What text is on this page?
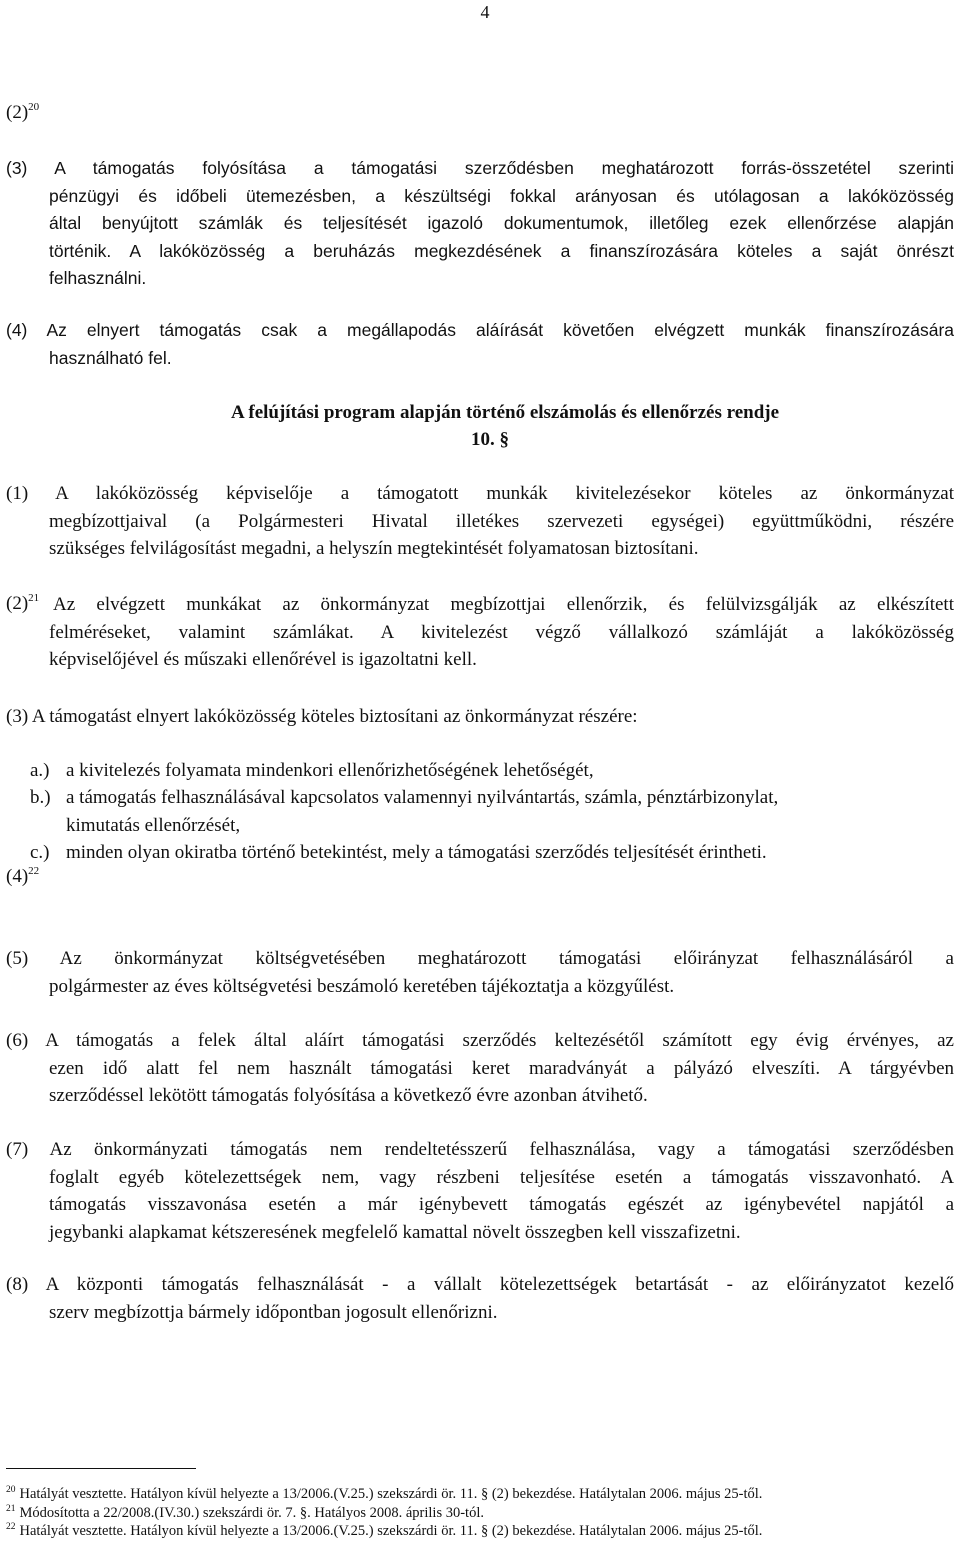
4
$(2)^{20}$
(3) A támogatás folyósítása a támogatási szerződésben meghatározott forrás-összetétel szerinti
pénzügyi és időbeli ütemezésben, a készültségi fokkal arányosan és utólagosan a lakóközösség
által benyújtott számlák és teljesítését igazoló dokumentumok, illetőleg ezek ellenőrzése alapján
történik. A lakóközösség a beruházás megkezdésének a finanszírozására köteles a saját önrészt
felhasználni.
(4) Az elnyert támogatás csak a megállapodás aláírását követően elvégzett munkák finanszírozására
használható fel.
A felújítási program alapján történő elszámolás és ellenőrzés rendje
10. §
(1) A lakóközösség képviselője a támogatott munkák kivitelezésekor köteles az önkormányzat
megbízottjaival (a Polgármesteri Hivatal illetékes szervezeti egységei) együttműködni, részére
szükséges felvilágosítást megadni, a helyszín megtekintését folyamatosan biztosítani.
$(2)^{21}$ Az elvégzett munkákat az önkormányzat megbízottjai ellenőrzik, és felülvizsgálják az elkészített
felméréseket, valamint számlákat. A kivitelezést végző vállalkozó számláját a lakóközösség
képviselőjével és műszaki ellenőrével is igazoltatni kell.
(3) A támogatást elnyert lakóközösség köteles biztosítani az önkormányzat részére:
a.) a kivitelezés folyamata mindenkori ellenőrizhetőségének lehetőségét,
b.) a támogatás felhasználásával kapcsolatos valamennyi nyilvántartás, számla, pénztárbizonylat,
kimutatás ellenőrzését,
c.) minden olyan okiratba történő betekintést, mely a támogatási szerződés teljesítését érintheti.
$(4)^{22}$
(5) Az önkormányzat költségvetésében meghatározott támogatási előirányzat felhasználásáról a
polgármester az éves költségvetési beszámoló keretében tájékoztatja a közgyűlést.
(6) A támogatás a felek által aláírt támogatási szerződés keltezésétől számított egy évig érvényes, az
ezen idő alatt fel nem használt támogatási keret maradványát a pályázó elveszíti. A tárgyévben
szerződéssel lekötött támogatás folyósítása a következő évre azonban átvihető.
(7) Az önkormányzati támogatás nem rendeltetésszerű felhasználása, vagy a támogatási szerződésben
foglalt egyéb kötelezettségek nem, vagy részbeni teljesítése esetén a támogatás visszavonható. A
támogatás visszavonása esetén a már igénybevett támogatás egészét az igénybevétel napjától a
jegybanki alapkamat kétszeresének megfelelő kamattal növelt összegben kell visszafizetni.
(8) A központi támogatás felhasználását - a vállalt kötelezettségek betartását - az előirányzatot kezelő
szerv megbízottja bármely időpontban jogosult ellenőrizni.
$^{20}$ Hatályát vesztette. Hatályon kívül helyezte a 13/2006.(V.25.) szekszárdi ör. 11. § (2) bekezdése. Hatálytalan 2006. május 25-től.
$^{21}$ Módosította a 22/2008.(IV.30.) szekszárdi ör. 7. §. Hatályos 2008. április 30-tól.
$^{22}$ Hatályát vesztette. Hatályon kívül helyezte a 13/2006.(V.25.) szekszárdi ör. 11. § (2) bekezdése. Hatálytalan 2006. május 25-től.
